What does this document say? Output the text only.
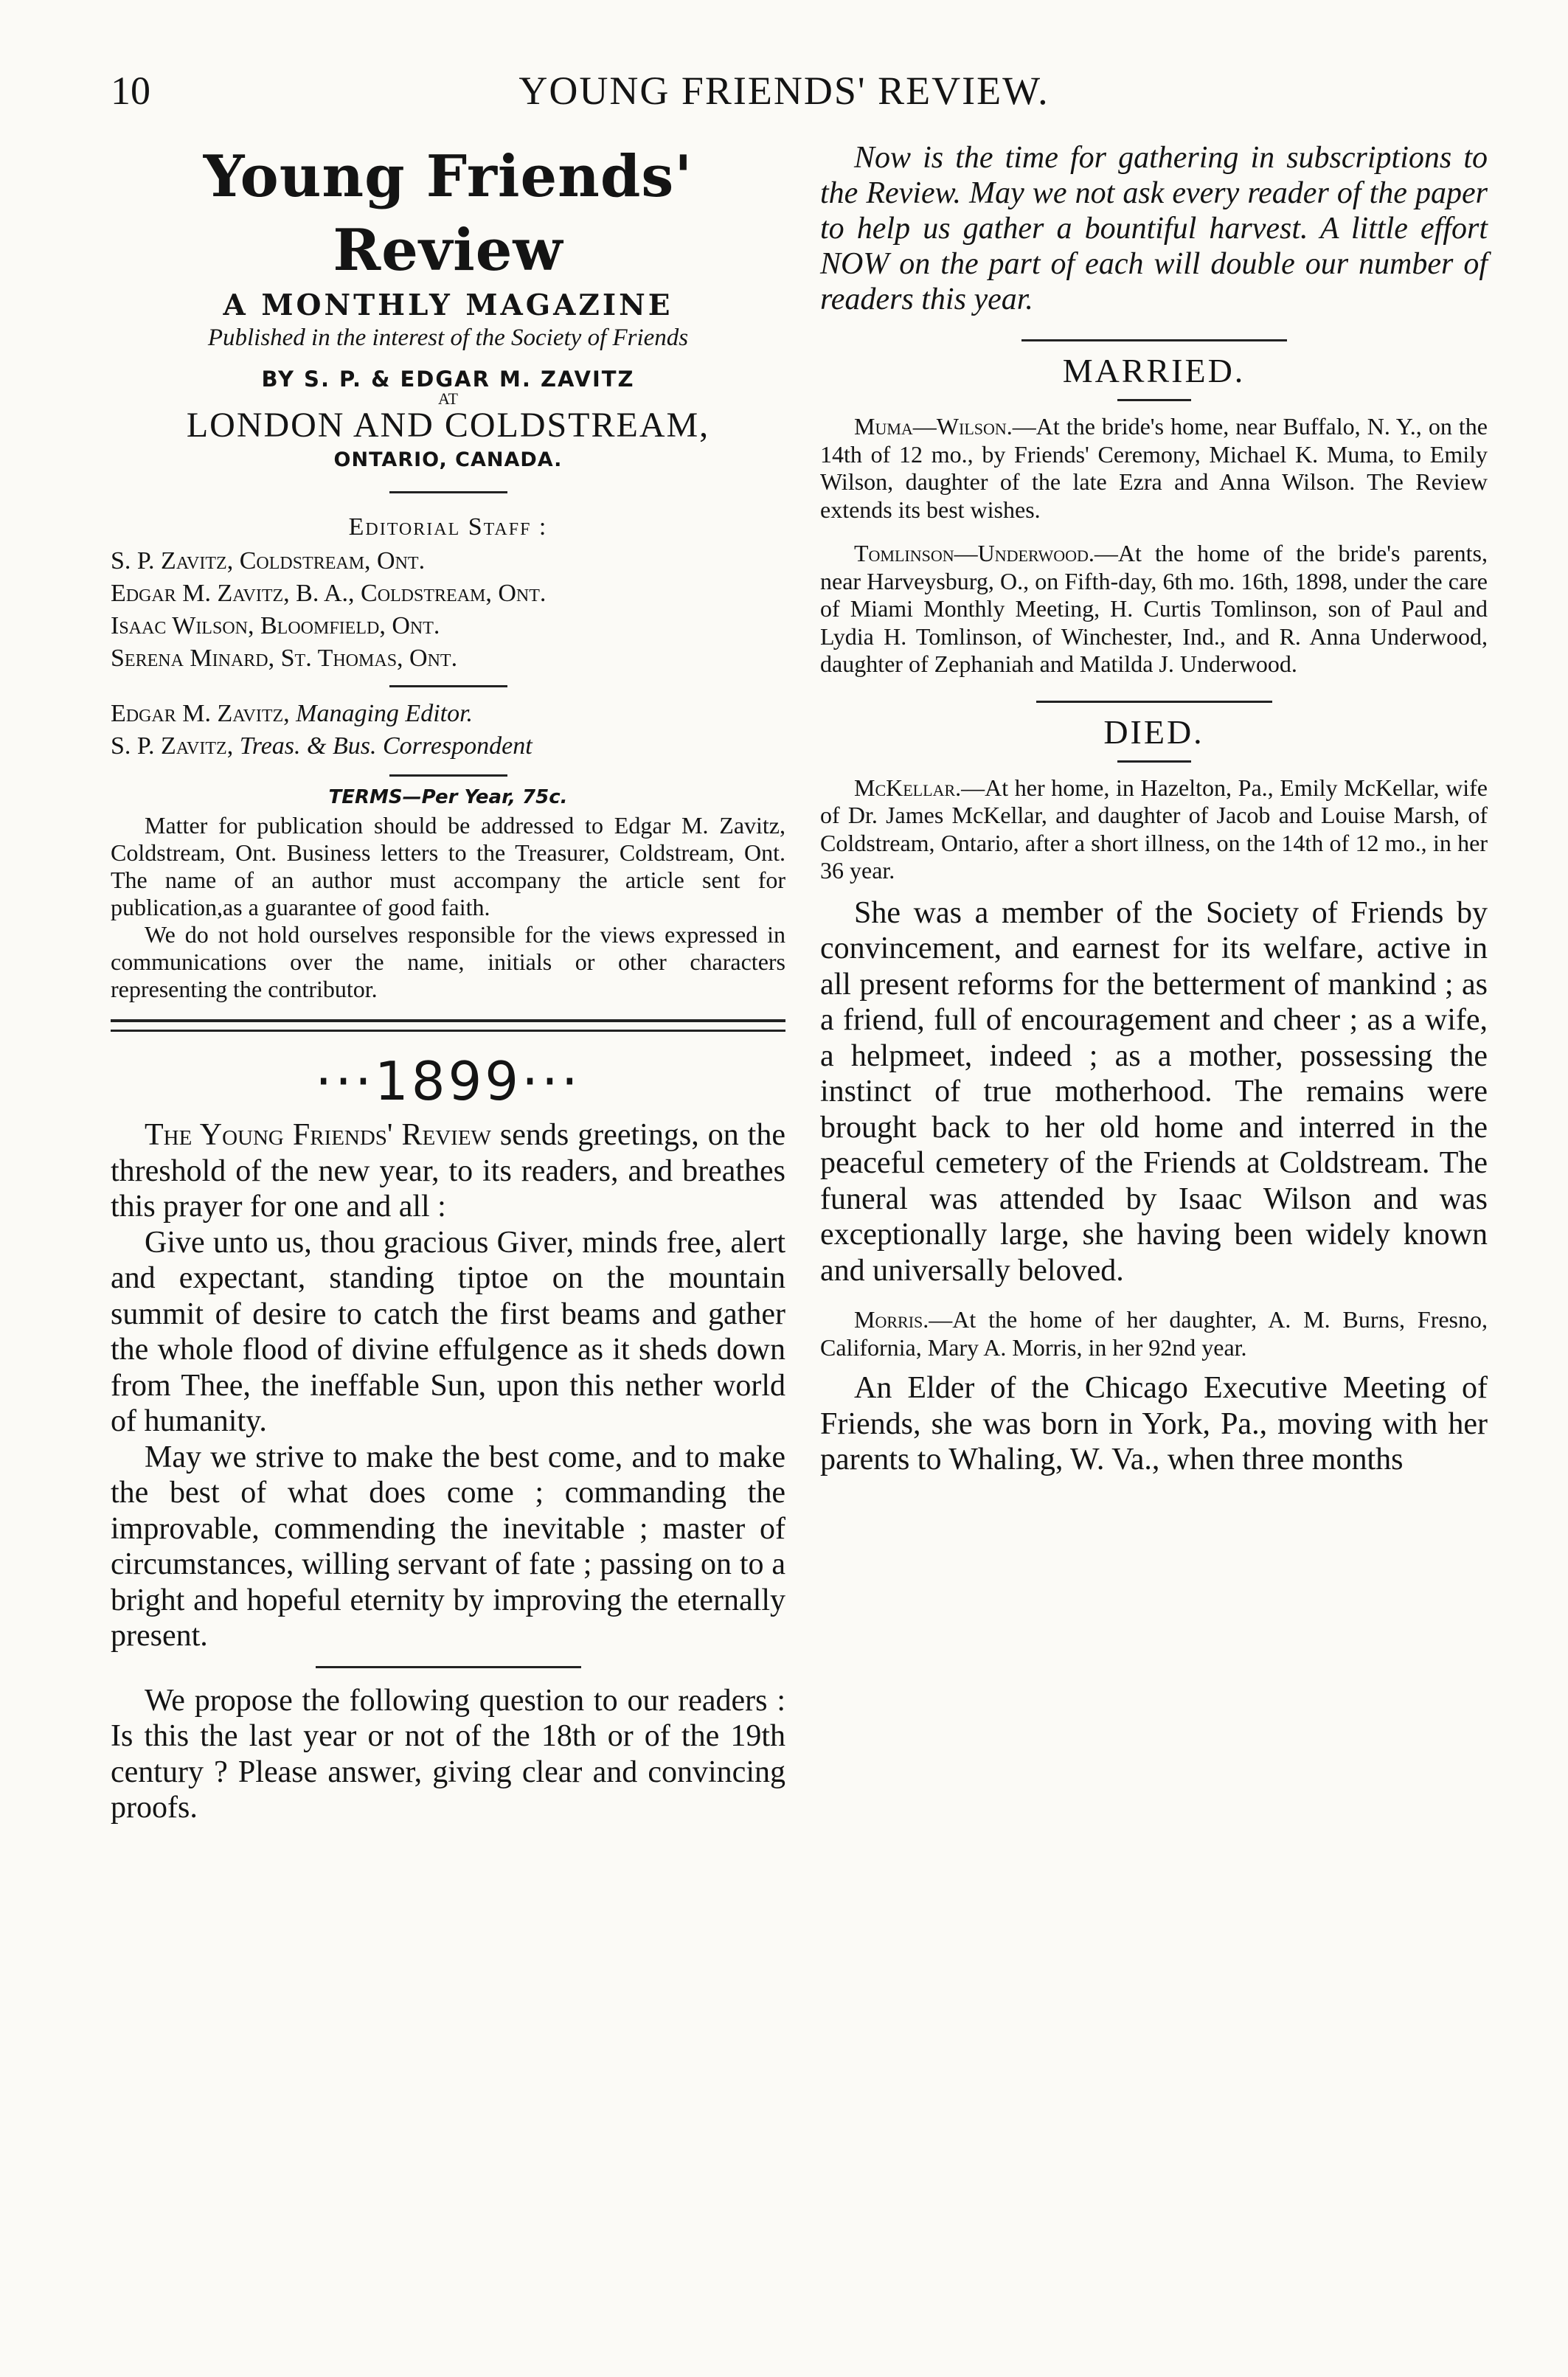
10	YOUNG FRIENDS' REVIEW.
Young Friends' Review
A MONTHLY MAGAZINE
Published in the interest of the Society of Friends
BY S. P. & EDGAR M. ZAVITZ
AT
LONDON AND COLDSTREAM,
ONTARIO, CANADA.
Editorial Staff :
S. P. Zavitz, Coldstream, Ont.
Edgar M. Zavitz, B. A., Coldstream, Ont.
Isaac Wilson, Bloomfield, Ont.
Serena Minard, St. Thomas, Ont.
Edgar M. Zavitz, Managing Editor.
S. P. Zavitz, Treas. & Bus. Correspondent
TERMS—Per Year, 75c.

Matter for publication should be addressed to Edgar M. Zavitz, Coldstream, Ont. Business letters to the Treasurer, Coldstream, Ont. The name of an author must accompany the article sent for publication,as a guarantee of good faith.

We do not hold ourselves responsible for the views expressed in communications over the name, initials or other characters representing the contributor.

···1899···

The Young Friends' Review sends greetings, on the threshold of the new year, to its readers, and breathes this prayer for one and all :

Give unto us, thou gracious Giver, minds free, alert and expectant, standing tiptoe on the mountain summit of desire to catch the first beams and gather the whole flood of divine effulgence as it sheds down from Thee, the ineffable Sun, upon this nether world of humanity.

May we strive to make the best come, and to make the best of what does come ; commanding the improvable, commending the inevitable ; master of circumstances, willing servant of fate ; passing on to a bright and hopeful eternity by improving the eternally present.

We propose the following question to our readers : Is this the last year or not of the 18th or of the 19th century ? Please answer, giving clear and convincing proofs.

Now is the time for gathering in subscriptions to the Review. May we not ask every reader of the paper to help us gather a bountiful harvest. A little effort NOW on the part of each will double our number of readers this year.

MARRIED.

Muma—Wilson.—At the bride's home, near Buffalo, N. Y., on the 14th of 12 mo., by Friends' Ceremony, Michael K. Muma, to Emily Wilson, daughter of the late Ezra and Anna Wilson. The Review extends its best wishes.

Tomlinson—Underwood.—At the home of the bride's parents, near Harveysburg, O., on Fifth-day, 6th mo. 16th, 1898, under the care of Miami Monthly Meeting, H. Curtis Tomlinson, son of Paul and Lydia H. Tomlinson, of Winchester, Ind., and R. Anna Underwood, daughter of Zephaniah and Matilda J. Underwood.

DIED.

McKellar.—At her home, in Hazelton, Pa., Emily McKellar, wife of Dr. James McKellar, and daughter of Jacob and Louise Marsh, of Coldstream, Ontario, after a short illness, on the 14th of 12 mo., in her 36 year.

She was a member of the Society of Friends by convincement, and earnest for its welfare, active in all present reforms for the betterment of mankind ; as a friend, full of encouragement and cheer ; as a wife, a helpmeet, indeed ; as a mother, possessing the instinct of true motherhood. The remains were brought back to her old home and interred in the peaceful cemetery of the Friends at Coldstream. The funeral was attended by Isaac Wilson and was exceptionally large, she having been widely known and universally beloved.

Morris.—At the home of her daughter, A. M. Burns, Fresno, California, Mary A. Morris, in her 92nd year.

An Elder of the Chicago Executive Meeting of Friends, she was born in York, Pa., moving with her parents to Whaling, W. Va., when three months
